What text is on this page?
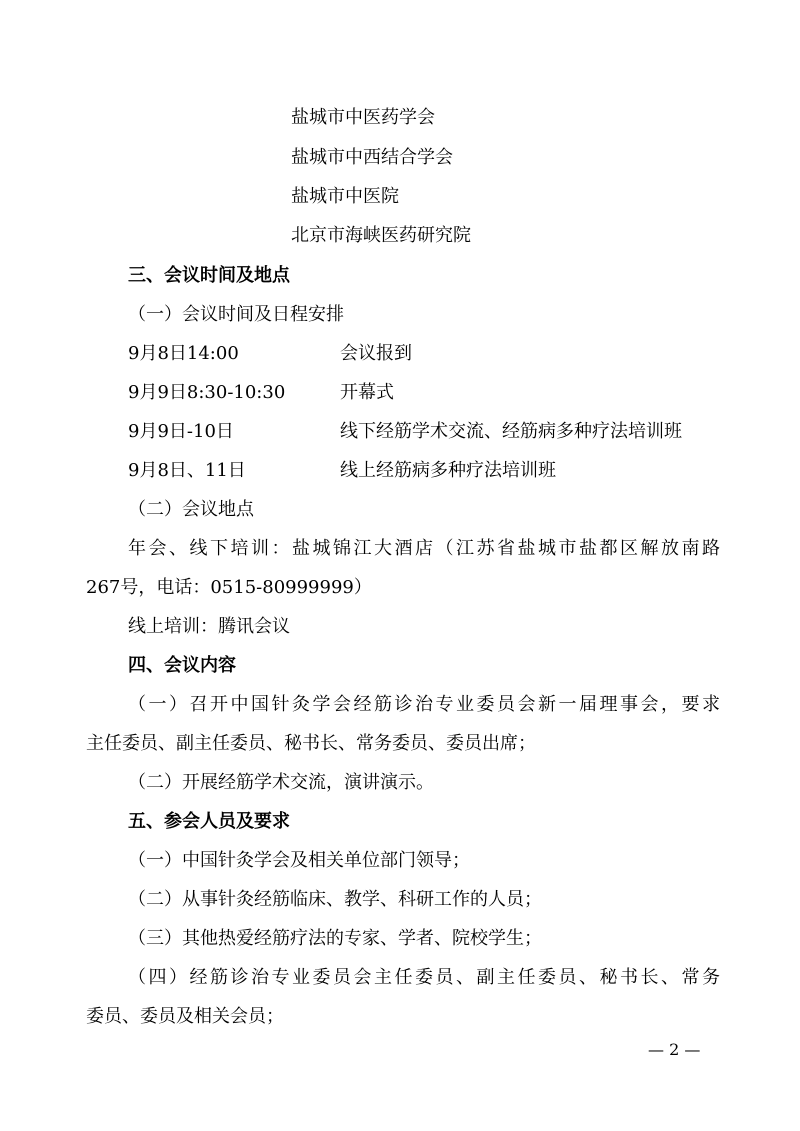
盐城市中医药学会
盐城市中西结合学会
盐城市中医院
北京市海峡医药研究院
三、会议时间及地点
（一）会议时间及日程安排
9月8日14:00	会议报到
9月9日8:30-10:30	开幕式
9月9日-10日	线下经筋学术交流、经筋病多种疗法培训班
9月8日、11日	线上经筋病多种疗法培训班
（二）会议地点
年会、线下培训：盐城锦江大酒店（江苏省盐城市盐都区解放南路
267号，电话：0515-80999999）
线上培训：腾讯会议
四、会议内容
（一）召开中国针灸学会经筋诊治专业委员会新一届理事会，要求
主任委员、副主任委员、秘书长、常务委员、委员出席；
（二）开展经筋学术交流，演讲演示。
五、参会人员及要求
（一）中国针灸学会及相关单位部门领导；
（二）从事针灸经筋临床、教学、科研工作的人员；
（三）其他热爱经筋疗法的专家、学者、院校学生；
（四）经筋诊治专业委员会主任委员、副主任委员、秘书长、常务
委员、委员及相关会员；
— 2 —
